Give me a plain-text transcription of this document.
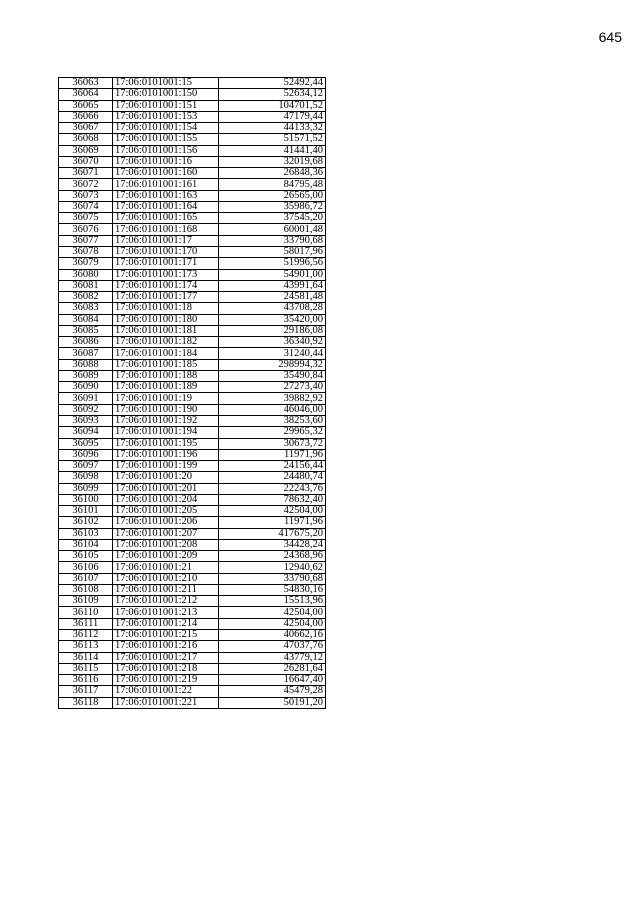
645
36063	17:06:0101001:15	52492,44
36064	17:06:0101001:150	52634,12
36065	17:06:0101001:151	104701,52
36066	17:06:0101001:153	47179,44
36067	17:06:0101001:154	44133,32
36068	17:06:0101001:155	51571,52
36069	17:06:0101001:156	41441,40
36070	17:06:0101001:16	32019,68
36071	17:06:0101001:160	26848,36
36072	17:06:0101001:161	84795,48
36073	17:06:0101001:163	26565,00
36074	17:06:0101001:164	35986,72
36075	17:06:0101001:165	37545,20
36076	17:06:0101001:168	60001,48
36077	17:06:0101001:17	33790,68
36078	17:06:0101001:170	58017,96
36079	17:06:0101001:171	51996,56
36080	17:06:0101001:173	54901,00
36081	17:06:0101001:174	43991,64
36082	17:06:0101001:177	24581,48
36083	17:06:0101001:18	43708,28
36084	17:06:0101001:180	35420,00
36085	17:06:0101001:181	29186,08
36086	17:06:0101001:182	36340,92
36087	17:06:0101001:184	31240,44
36088	17:06:0101001:185	298994,32
36089	17:06:0101001:188	35490,84
36090	17:06:0101001:189	27273,40
36091	17:06:0101001:19	39882,92
36092	17:06:0101001:190	46046,00
36093	17:06:0101001:192	38253,60
36094	17:06:0101001:194	29965,32
36095	17:06:0101001:195	30673,72
36096	17:06:0101001:196	11971,96
36097	17:06:0101001:199	24156,44
36098	17:06:0101001:20	24480,74
36099	17:06:0101001:201	22243,76
36100	17:06:0101001:204	78632,40
36101	17:06:0101001:205	42504,00
36102	17:06:0101001:206	11971,96
36103	17:06:0101001:207	417675,20
36104	17:06:0101001:208	34428,24
36105	17:06:0101001:209	24368,96
36106	17:06:0101001:21	12940,62
36107	17:06:0101001:210	33790,68
36108	17:06:0101001:211	54830,16
36109	17:06:0101001:212	15513,96
36110	17:06:0101001:213	42504,00
36111	17:06:0101001:214	42504,00
36112	17:06:0101001:215	40662,16
36113	17:06:0101001:216	47037,76
36114	17:06:0101001:217	43779,12
36115	17:06:0101001:218	26281,64
36116	17:06:0101001:219	16647,40
36117	17:06:0101001:22	45479,28
36118	17:06:0101001:221	50191,20
